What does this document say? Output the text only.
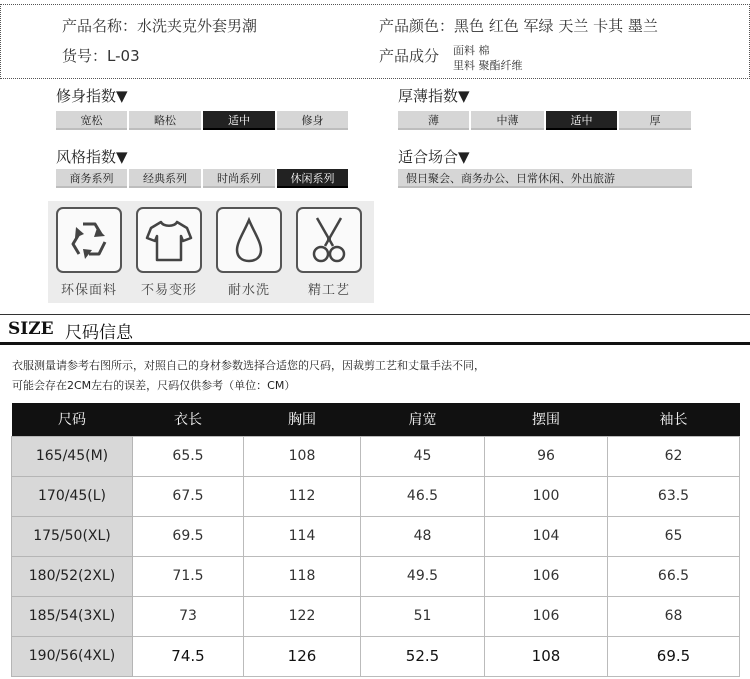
产品名称：水洗夹克外套男潮
货号：L-03
产品颜色：黑色 红色 军绿 天兰 卡其 墨兰
产品成分 面料 棉
里料 聚酯纤维
修身指数▼
宽松	略松	适中	修身
厚薄指数▼
薄	中薄	适中	厚
风格指数▼
商务系列	经典系列	时尚系列	休闲系列
适合场合▼
假日聚会、商务办公、日常休闲、外出旅游
环保面料	不易变形	耐水洗	精工艺
SIZE 尺码信息
衣服测量请参考右图所示，对照自己的身材参数选择合适您的尺码，因裁剪工艺和丈量手法不同，
可能会存在2CM左右的误差，尺码仅供参考（单位：CM）
尺码	衣长	胸围	肩宽	摆围	袖长
165/45(M)	65.5	108	45	96	62
170/45(L)	67.5	112	46.5	100	63.5
175/50(XL)	69.5	114	48	104	65
180/52(2XL)	71.5	118	49.5	106	66.5
185/54(3XL)	73	122	51	106	68
190/56(4XL)	74.5	126	52.5	108	69.5
